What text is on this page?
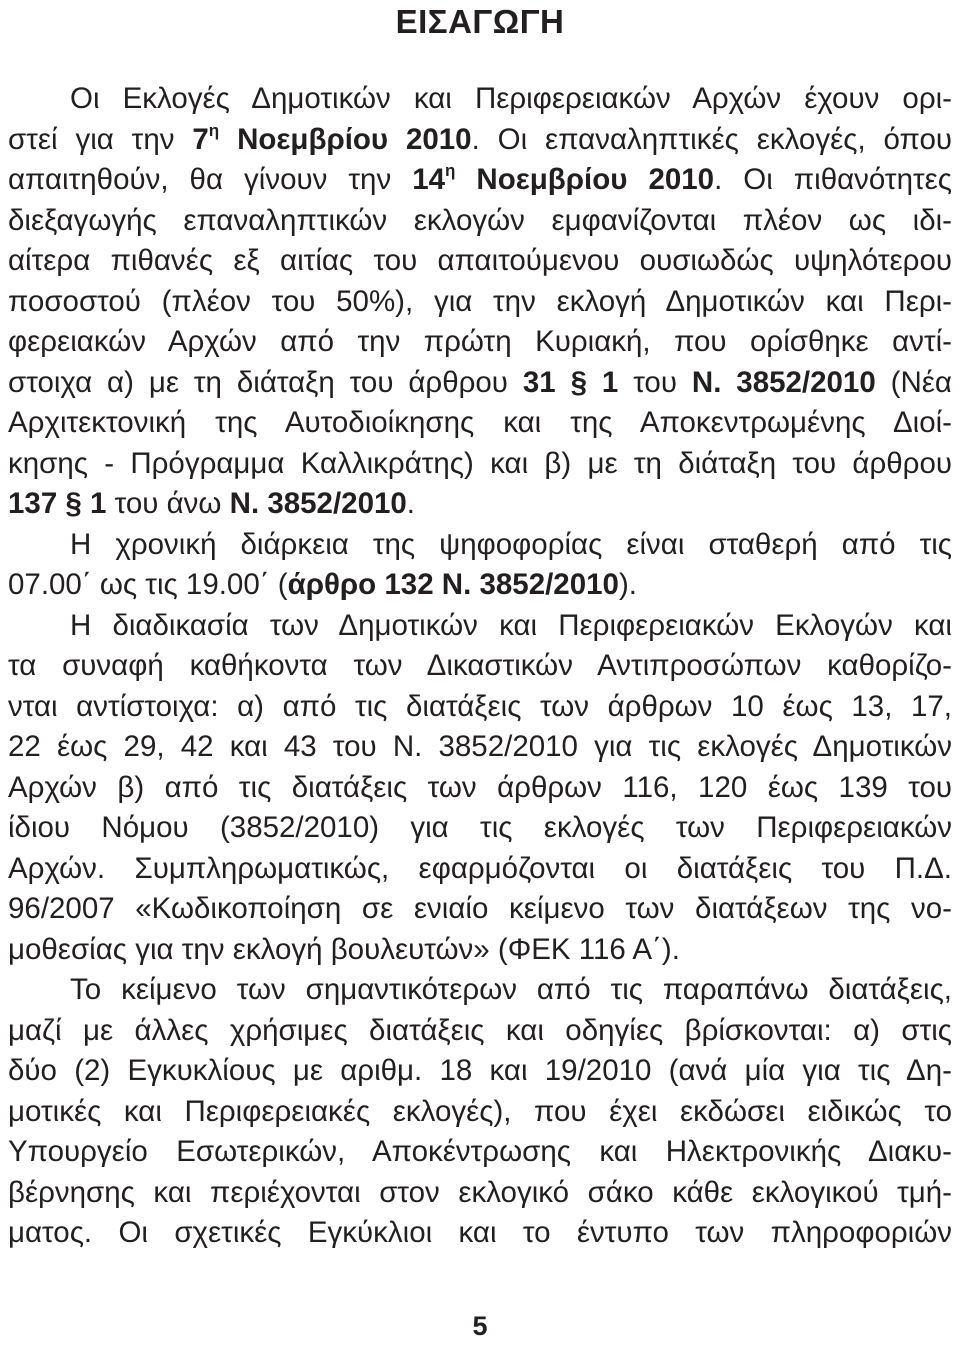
ΕΙΣΑΓΩΓΗ
Οι Εκλογές Δημοτικών και Περιφερειακών Αρχών έχουν ορι-
στεί για την $7^\eta$ Νοεμβρίου 2010. Οι επαναληπτικές εκλογές, όπου
απαιτηθούν, θα γίνουν την $14^\eta$ Νοεμβρίου 2010. Οι πιθανότητες
διεξαγωγής επαναληπτικών εκλογών εμφανίζονται πλέον ως ιδι-
αίτερα πιθανές εξ αιτίας του απαιτούμενου ουσιωδώς υψηλότερου
ποσοστού (πλέον του 50%), για την εκλογή Δημοτικών και Περι-
φερειακών Αρχών από την πρώτη Κυριακή, που ορίσθηκε αντί-
στοιχα α) με τη διάταξη του άρθρου 31 § 1 του Ν. 3852/2010 (Νέα
Αρχιτεκτονική της Αυτοδιοίκησης και της Αποκεντρωμένης Διοί-
κησης - Πρόγραμμα Καλλικράτης) και β) με τη διάταξη του άρθρου
137 § 1 του άνω Ν. 3852/2010.
Η χρονική διάρκεια της ψηφοφορίας είναι σταθερή από τις
07.00΄ ως τις 19.00΄ (άρθρο 132 Ν. 3852/2010).
Η διαδικασία των Δημοτικών και Περιφερειακών Εκλογών και
τα συναφή καθήκοντα των Δικαστικών Αντιπροσώπων καθορίζο-
νται αντίστοιχα: α) από τις διατάξεις των άρθρων 10 έως 13, 17,
22 έως 29, 42 και 43 του Ν. 3852/2010 για τις εκλογές Δημοτικών
Αρχών β) από τις διατάξεις των άρθρων 116, 120 έως 139 του
ίδιου Νόμου (3852/2010) για τις εκλογές των Περιφερειακών
Αρχών. Συμπληρωματικώς, εφαρμόζονται οι διατάξεις του Π.Δ.
96/2007 «Κωδικοποίηση σε ενιαίο κείμενο των διατάξεων της νο-
μοθεσίας για την εκλογή βουλευτών» (ΦΕΚ 116 Α΄).
Το κείμενο των σημαντικότερων από τις παραπάνω διατάξεις,
μαζί με άλλες χρήσιμες διατάξεις και οδηγίες βρίσκονται: α) στις
δύο (2) Εγκυκλίους με αριθμ. 18 και 19/2010 (ανά μία για τις Δη-
μοτικές και Περιφερειακές εκλογές), που έχει εκδώσει ειδικώς το
Υπουργείο Εσωτερικών, Αποκέντρωσης και Ηλεκτρονικής Διακυ-
βέρνησης και περιέχονται στον εκλογικό σάκο κάθε εκλογικού τμή-
ματος. Οι σχετικές Εγκύκλιοι και το έντυπο των πληροφοριών
5
